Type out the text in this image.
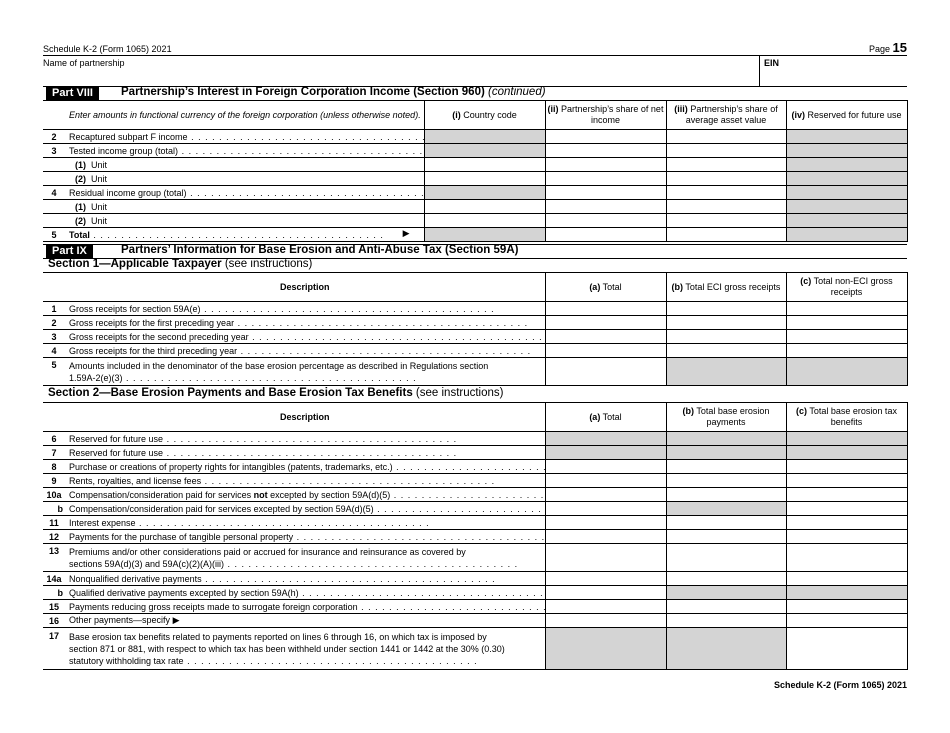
Schedule K-2 (Form 1065) 2021	Page 15
Name of partnership	EIN
Part VIII	Partnership’s Interest in Foreign Corporation Income (Section 960) (continued)
	Enter amounts in functional currency of the foreign corporation (unless otherwise noted).	(i) Country code	(ii) Partnership’s share of net income	(iii) Partnership’s share of average asset value	(iv) Reserved for future use
2	Recaptured subpart F income . .				
3	Tested income group (total) . .				
	(1) Unit				
	(2) Unit				
4	Residual income group (total) . .				
	(1) Unit				
	(2) Unit				
5	Total . . ▶

Part IX	Partners’ Information for Base Erosion and Anti-Abuse Tax (Section 59A)
Section 1—Applicable Taxpayer (see instructions)
	Description	(a) Total	(b) Total ECI gross receipts	(c) Total non-ECI gross receipts
1	Gross receipts for section 59A(e) . .			
2	Gross receipts for the first preceding year . .			
3	Gross receipts for the second preceding year . .			
4	Gross receipts for the third preceding year . .			
5	Amounts included in the denominator of the base erosion percentage as described in Regulations section
1.59A-2(e)(3) . .

Section 2—Base Erosion Payments and Base Erosion Tax Benefits (see instructions)
	Description	(a) Total	(b) Total base erosion payments	(c) Total base erosion tax benefits
6	Reserved for future use . .			
7	Reserved for future use . .			
8	Purchase or creations of property rights for intangibles (patents, trademarks, etc.) . .			
9	Rents, royalties, and license fees . .			
10a	Compensation/consideration paid for services not excepted by section 59A(d)(5) . .			
b	Compensation/consideration paid for services excepted by section 59A(d)(5) . .			
11	Interest expense . .			
12	Payments for the purchase of tangible personal property . .			
13	Premiums and/or other considerations paid or accrued for insurance and reinsurance as covered by
sections 59A(d)(3) and 59A(c)(2)(A)(iii) . .

14a	Nonqualified derivative payments . .			
b	Qualified derivative payments excepted by section 59A(h) . .			
15	Payments reducing gross receipts made to surrogate foreign corporation . .			
16	Other payments—specify ▶			
17	Base erosion tax benefits related to payments reported on lines 6 through 16, on which tax is imposed by
section 871 or 881, with respect to which tax has been withheld under section 1441 or 1442 at the 30% (0.30)
statutory withholding tax rate . .

Schedule K-2 (Form 1065) 2021
